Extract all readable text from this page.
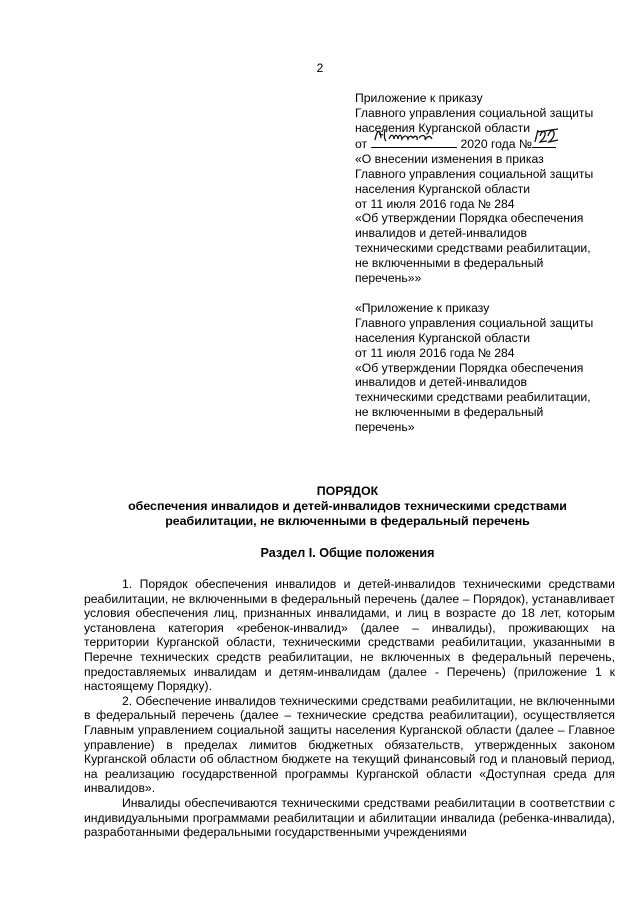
2
Приложение к приказу
Главного управления социальной защиты
населения Курганской области
от	2020 года №
«О внесении изменения в приказ
Главного управления социальной защиты
населения Курганской области
от 11 июля 2016 года № 284
«Об утверждении Порядка обеспечения
инвалидов и детей-инвалидов
техническими средствами реабилитации,
не включенными в федеральный
перечень»»
«Приложение к приказу
Главного управления социальной защиты
населения Курганской области
от 11 июля 2016 года № 284
«Об утверждении Порядка обеспечения
инвалидов и детей-инвалидов
техническими средствами реабилитации,
не включенными в федеральный
перечень»
ПОРЯДОК
обеспечения инвалидов и детей-инвалидов техническими средствами
реабилитации, не включенными в федеральный перечень
Раздел I. Общие положения

1. Порядок обеспечения инвалидов и детей-инвалидов техническими средствами реабилитации, не включенными в федеральный перечень (далее – Порядок), устанавливает условия обеспечения лиц, признанных инвалидами, и лиц в возрасте до 18 лет, которым установлена категория «ребенок-инвалид» (далее – инвалиды), проживающих на территории Курганской области, техническими средствами реабилитации, указанными в Перечне технических средств реабилитации, не включенных в федеральный перечень, предоставляемых инвалидам и детям-инвалидам (далее - Перечень) (приложение 1 к настоящему Порядку).

2. Обеспечение инвалидов техническими средствами реабилитации, не включенными в федеральный перечень (далее – технические средства реабилитации), осуществляется Главным управлением социальной защиты населения Курганской области (далее – Главное управление) в пределах лимитов бюджетных обязательств, утвержденных законом Курганской области об областном бюджете на текущий финансовый год и плановый период, на реализацию государственной программы Курганской области «Доступная среда для инвалидов».

Инвалиды обеспечиваются техническими средствами реабилитации в соответствии с индивидуальными программами реабилитации и абилитации инвалида (ребенка-инвалида), разработанными федеральными государственными учреждениями
